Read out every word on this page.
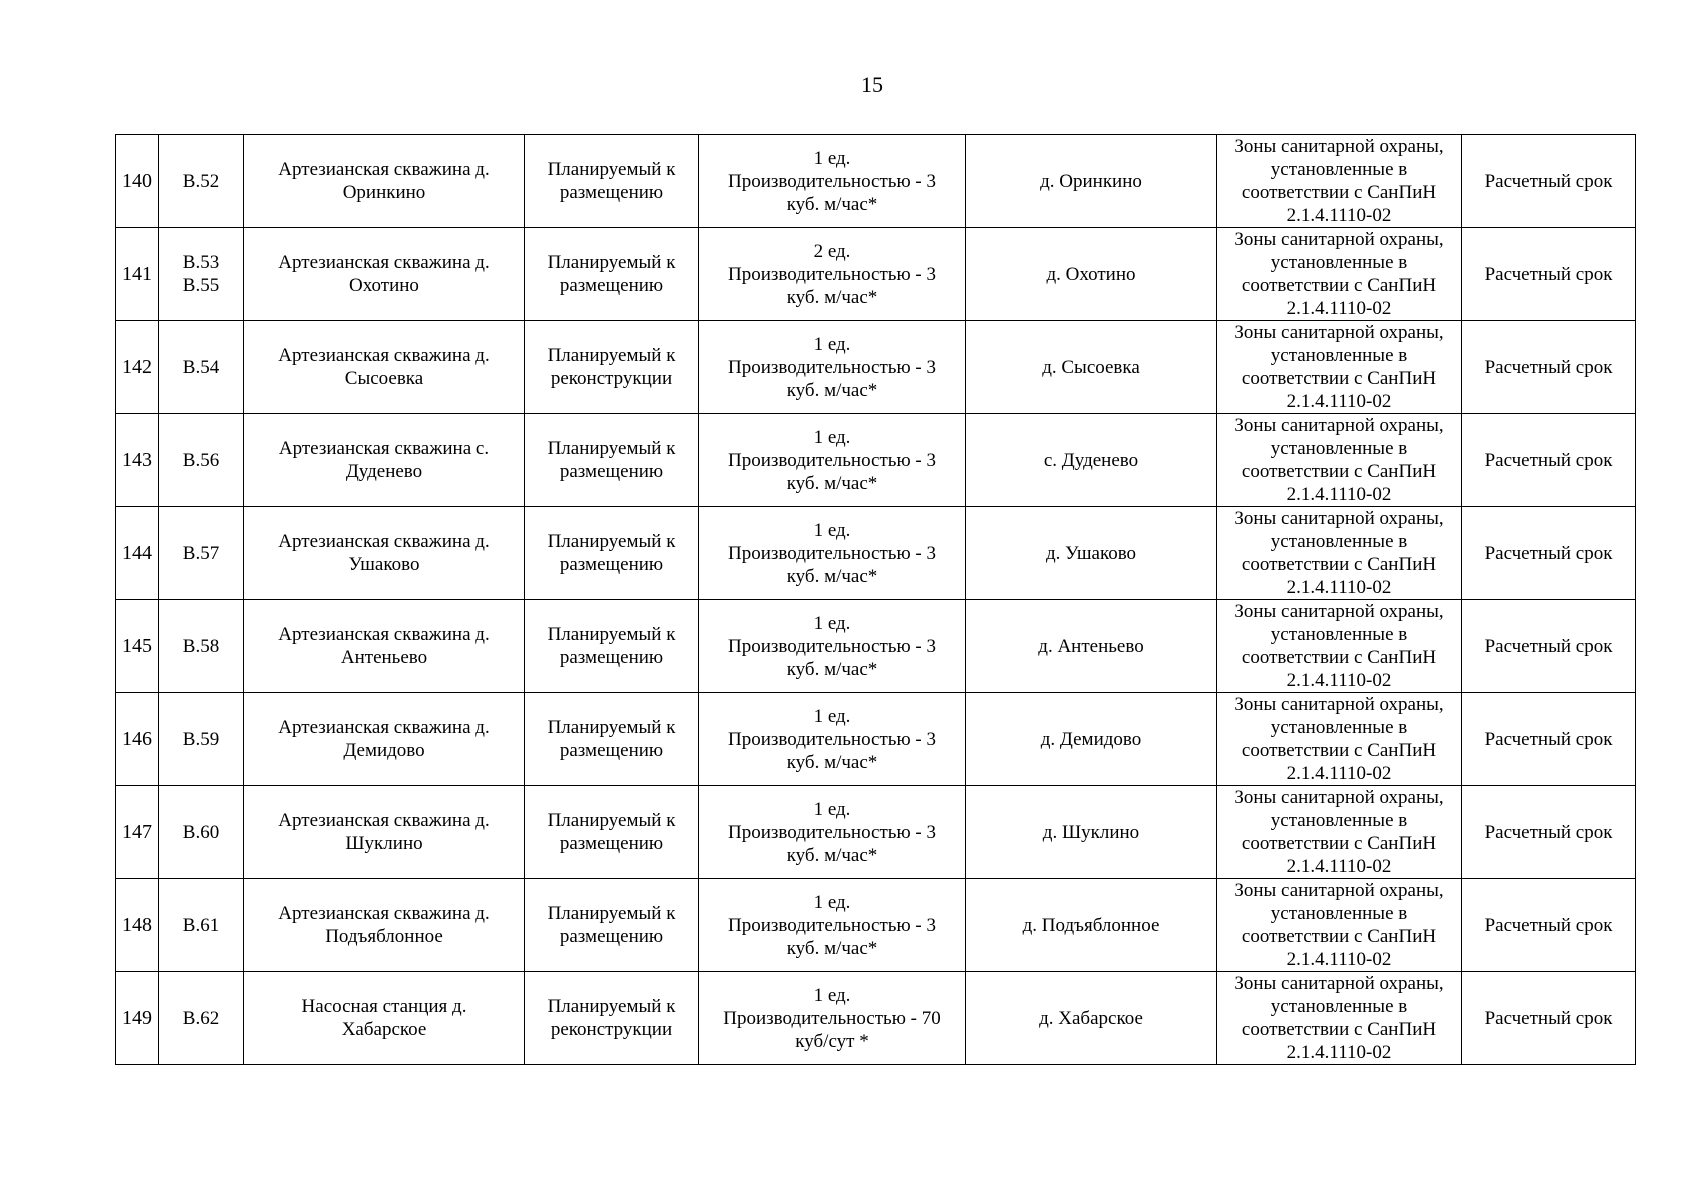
15
140	В.52	Артезианская скважина д.
Оринкино	Планируемый к
размещению	1 ед.
Производительностью - 3
куб. м/час*	д. Оринкино	Зоны санитарной охраны,
установленные в
соответствии с СанПиН
2.1.4.1110-02	Расчетный срок
141	В.53
В.55	Артезианская скважина д.
Охотино	Планируемый к
размещению	2 ед.
Производительностью - 3
куб. м/час*	д. Охотино	Зоны санитарной охраны,
установленные в
соответствии с СанПиН
2.1.4.1110-02	Расчетный срок
142	В.54	Артезианская скважина д.
Сысоевка	Планируемый к
реконструкции	1 ед.
Производительностью - 3
куб. м/час*	д. Сысоевка	Зоны санитарной охраны,
установленные в
соответствии с СанПиН
2.1.4.1110-02	Расчетный срок
143	В.56	Артезианская скважина с.
Дуденево	Планируемый к
размещению	1 ед.
Производительностью - 3
куб. м/час*	с. Дуденево	Зоны санитарной охраны,
установленные в
соответствии с СанПиН
2.1.4.1110-02	Расчетный срок
144	В.57	Артезианская скважина д.
Ушаково	Планируемый к
размещению	1 ед.
Производительностью - 3
куб. м/час*	д. Ушаково	Зоны санитарной охраны,
установленные в
соответствии с СанПиН
2.1.4.1110-02	Расчетный срок
145	В.58	Артезианская скважина д.
Антеньево	Планируемый к
размещению	1 ед.
Производительностью - 3
куб. м/час*	д. Антеньево	Зоны санитарной охраны,
установленные в
соответствии с СанПиН
2.1.4.1110-02	Расчетный срок
146	В.59	Артезианская скважина д.
Демидово	Планируемый к
размещению	1 ед.
Производительностью - 3
куб. м/час*	д. Демидово	Зоны санитарной охраны,
установленные в
соответствии с СанПиН
2.1.4.1110-02	Расчетный срок
147	В.60	Артезианская скважина д.
Шуклино	Планируемый к
размещению	1 ед.
Производительностью - 3
куб. м/час*	д. Шуклино	Зоны санитарной охраны,
установленные в
соответствии с СанПиН
2.1.4.1110-02	Расчетный срок
148	В.61	Артезианская скважина д.
Подъяблонное	Планируемый к
размещению	1 ед.
Производительностью - 3
куб. м/час*	д. Подъяблонное	Зоны санитарной охраны,
установленные в
соответствии с СанПиН
2.1.4.1110-02	Расчетный срок
149	В.62	Насосная станция д.
Хабарское	Планируемый к
реконструкции	1 ед.
Производительностью - 70
куб/сут *	д. Хабарское	Зоны санитарной охраны,
установленные в
соответствии с СанПиН
2.1.4.1110-02	Расчетный срок
